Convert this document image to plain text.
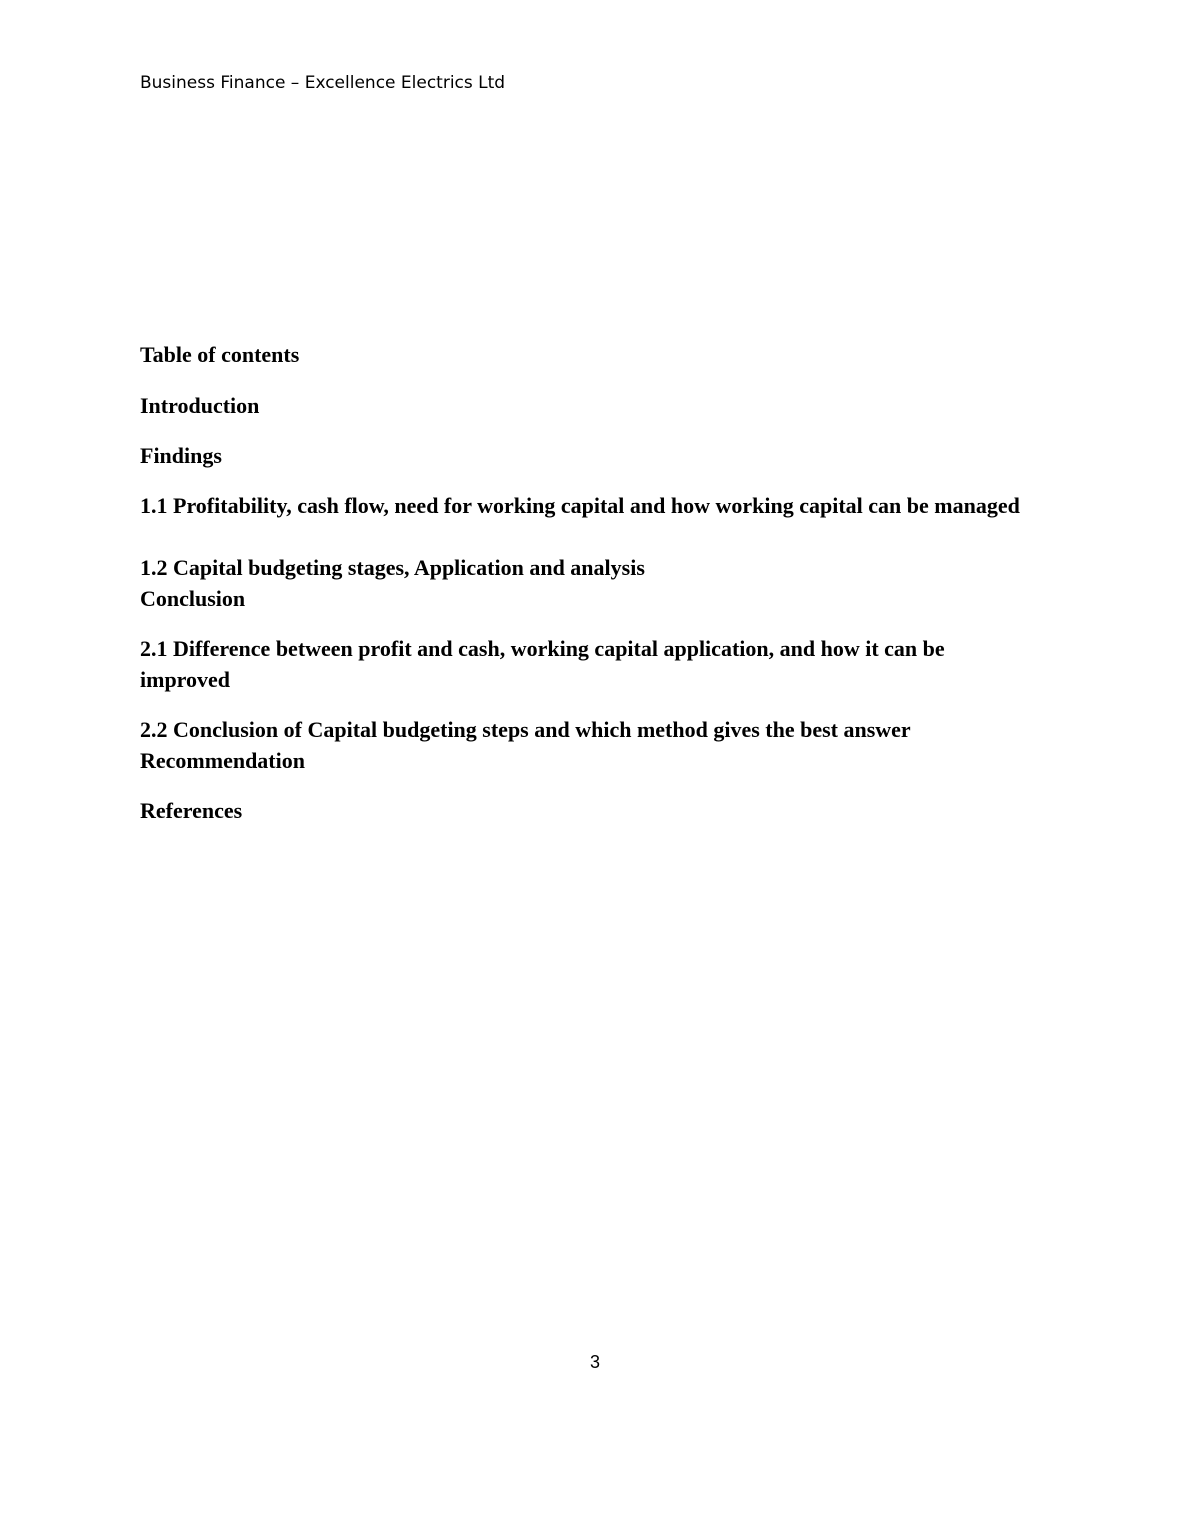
Business Finance – Excellence Electrics Ltd
Table of contents
Introduction
Findings
1.1 Profitability, cash flow, need for working capital and how working capital can be managed
1.2 Capital budgeting stages, Application and analysis
Conclusion
2.1 Difference between profit and cash, working capital application, and how it can be improved
2.2 Conclusion of Capital budgeting steps and which method gives the best answer
Recommendation
References
3
